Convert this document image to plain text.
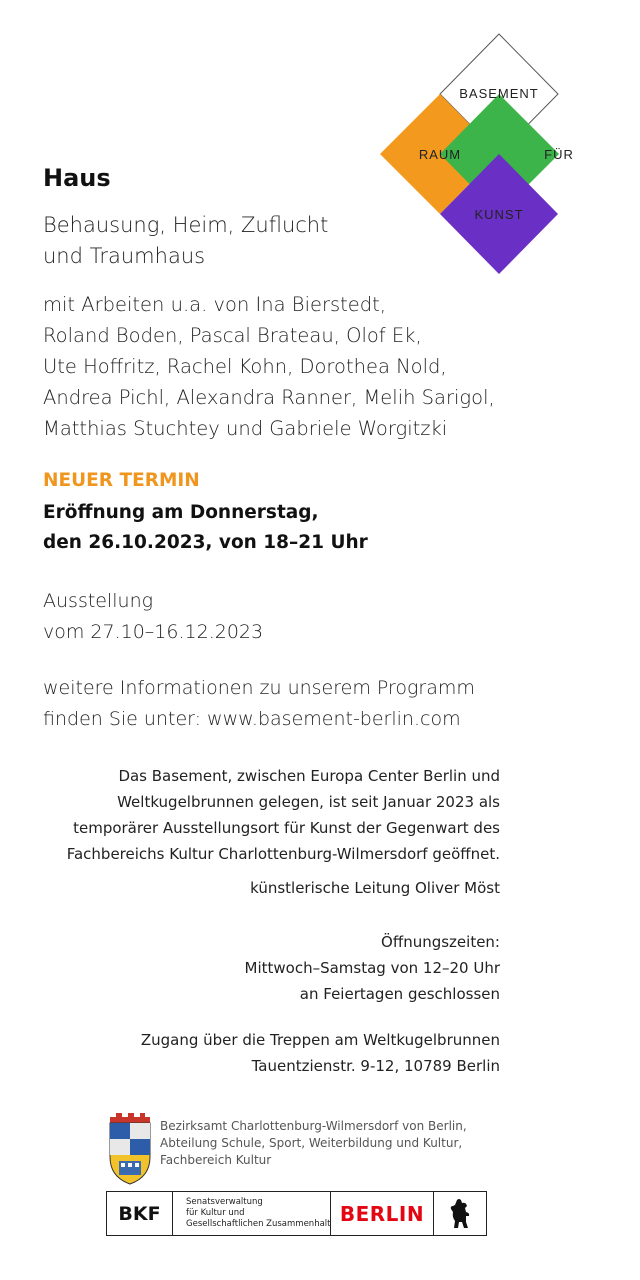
BASEMENT
RAUM	FÜR
KUNST
Haus
Behausung, Heim, Zuflucht
und Traumhaus
mit Arbeiten u.a. von Ina Bierstedt,
Roland Boden, Pascal Brateau, Olof Ek,
Ute Hoffritz, Rachel Kohn, Dorothea Nold,
Andrea Pichl, Alexandra Ranner, Melih Sarigol,
Matthias Stuchtey und Gabriele Worgitzki
NEUER TERMIN
Eröffnung am Donnerstag,
den 26.10.2023, von 18–21 Uhr
Ausstellung
vom 27.10–16.12.2023
weitere Informationen zu unserem Programm
finden Sie unter: www.basement-berlin.com
Das Basement, zwischen Europa Center Berlin und
Weltkugelbrunnen gelegen, ist seit Januar 2023 als
temporärer Ausstellungsort für Kunst der Gegenwart des
Fachbereichs Kultur Charlottenburg-Wilmersdorf geöffnet.
künstlerische Leitung Oliver Möst
Öffnungszeiten:
Mittwoch–Samstag von 12–20 Uhr
an Feiertagen geschlossen
Zugang über die Treppen am Weltkugelbrunnen
Tauentzienstr. 9-12, 10789 Berlin
Bezirksamt Charlottenburg-Wilmersdorf von Berlin,
Abteilung Schule, Sport, Weiterbildung und Kultur,
Fachbereich Kultur
BKF
Senatsverwaltung
für Kultur und
Gesellschaftlichen Zusammenhalt BERLIN
